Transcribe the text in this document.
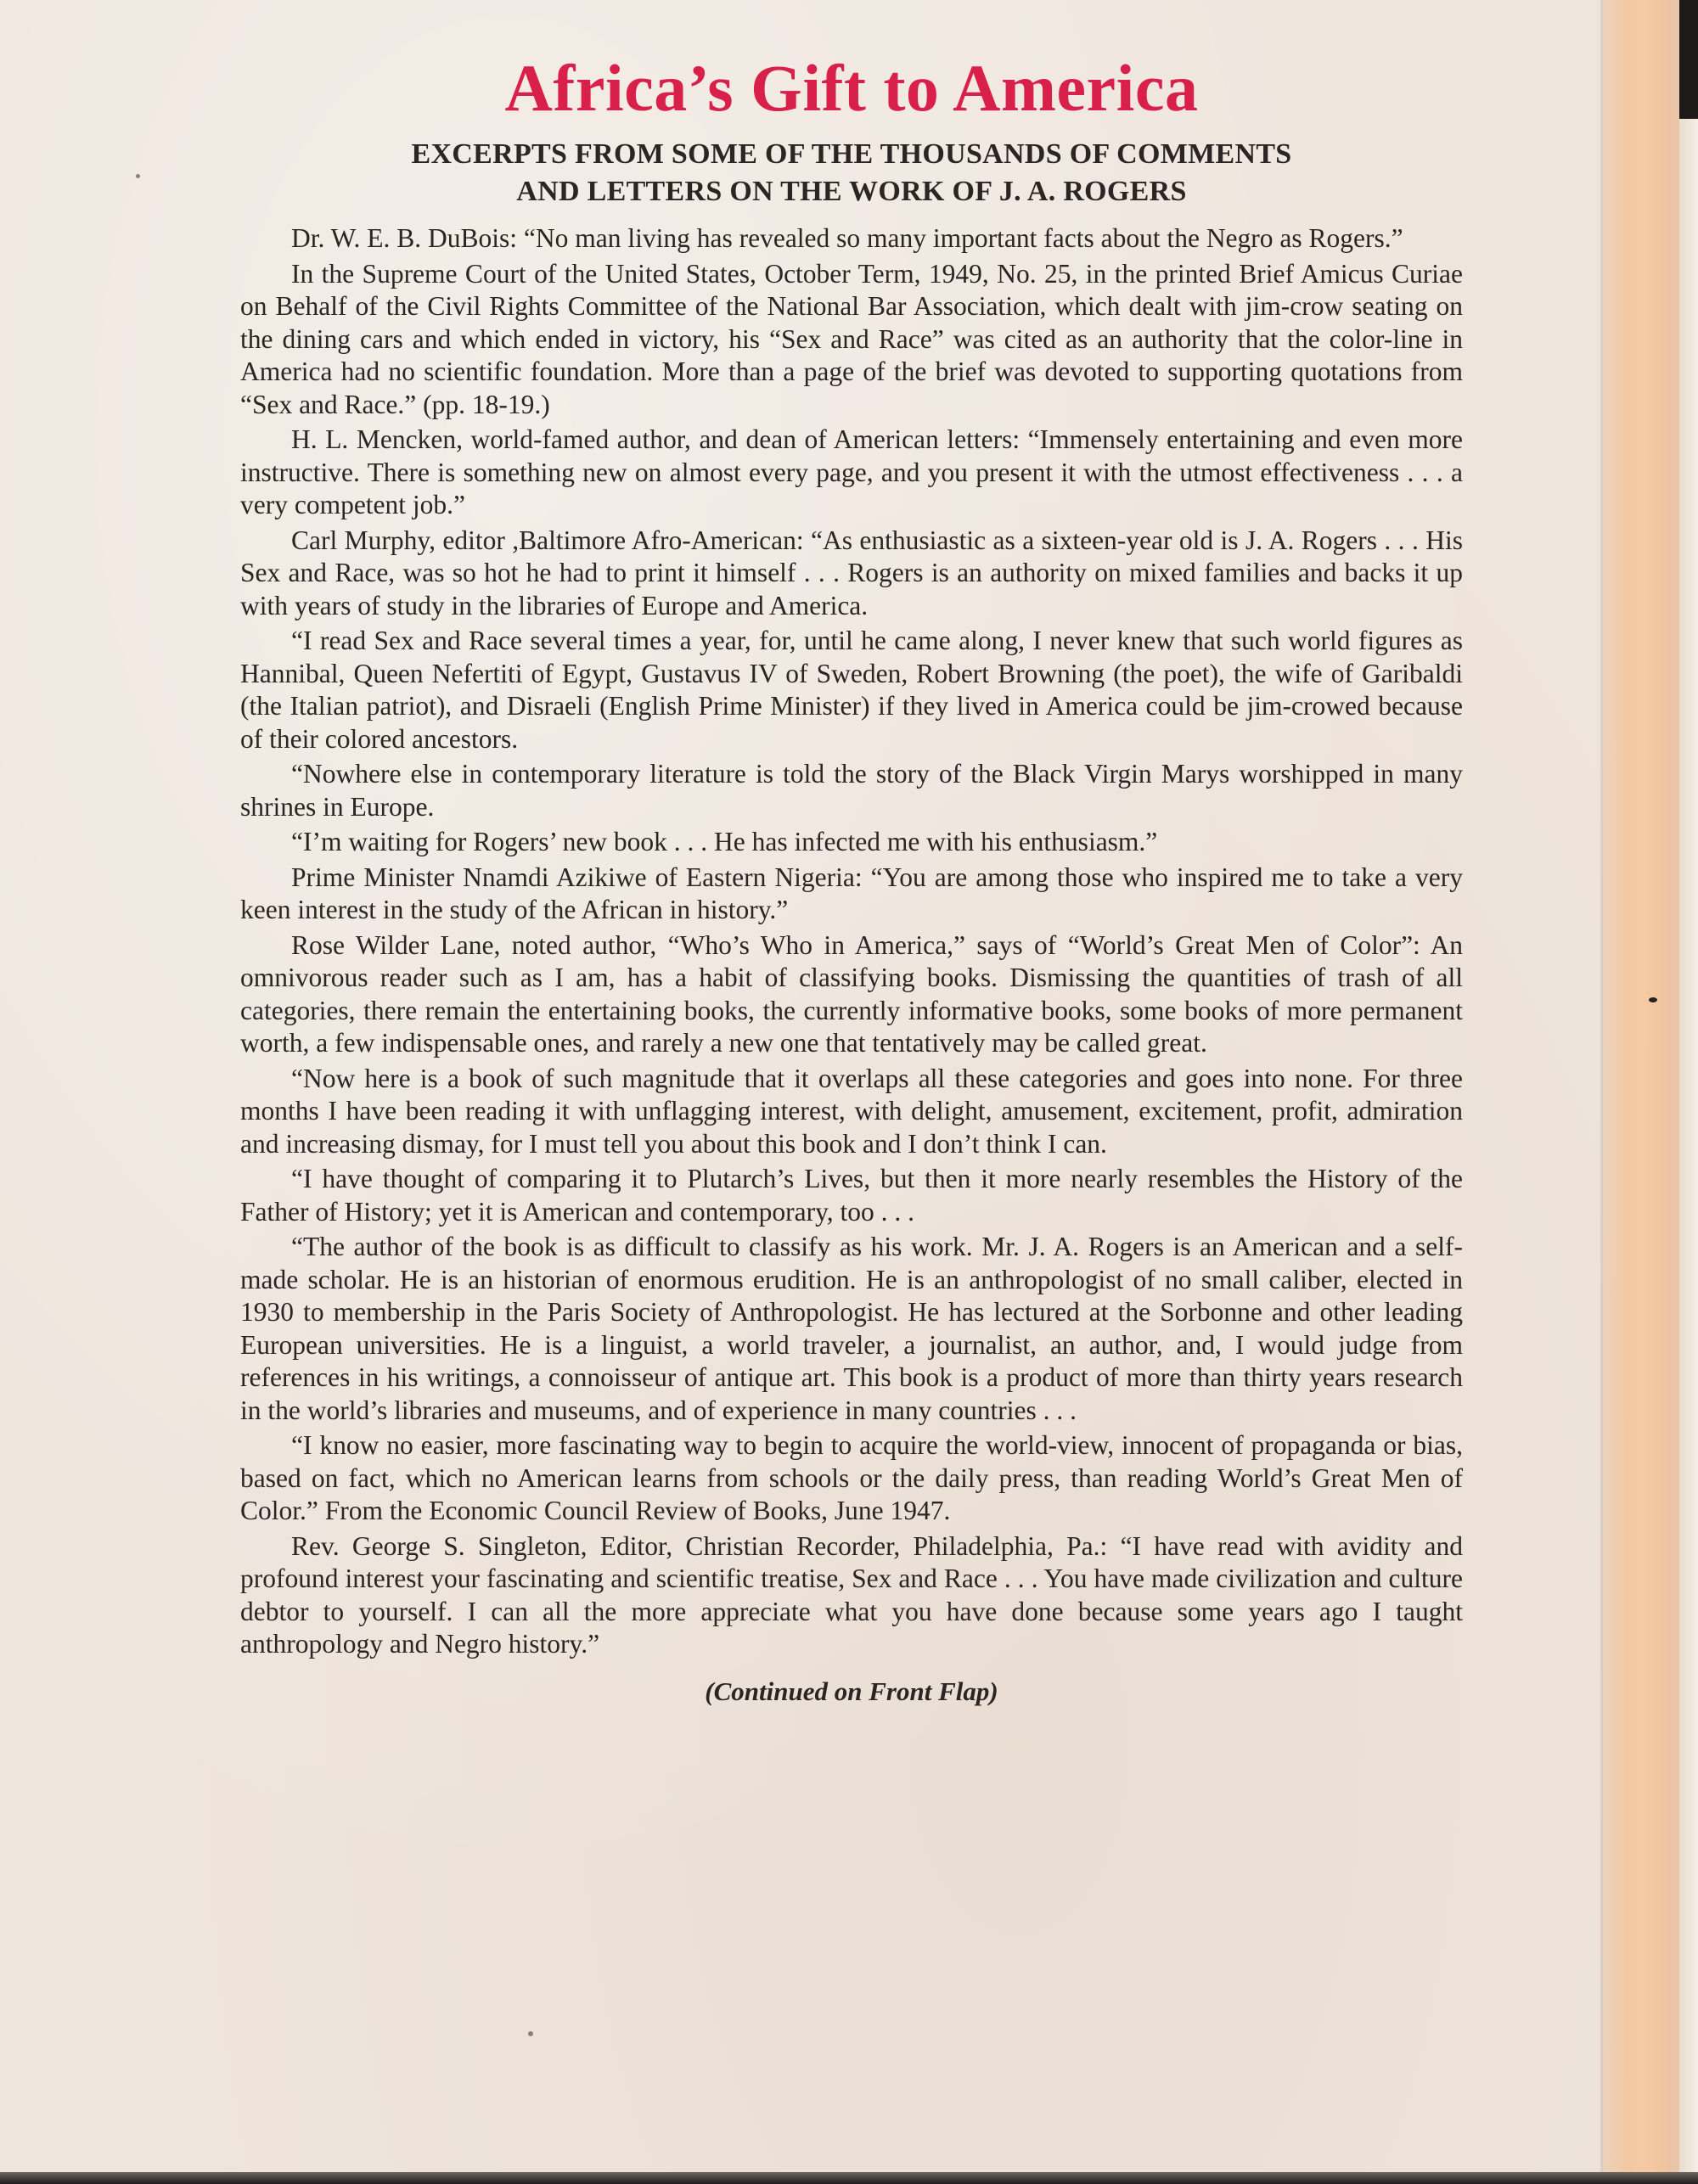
Africa’s Gift to America
EXCERPTS FROM SOME OF THE THOUSANDS OF COMMENTS
AND LETTERS ON THE WORK OF J. A. ROGERS

Dr. W. E. B. DuBois: “No man living has revealed so many important facts about the Negro as Rogers.”

In the Supreme Court of the United States, October Term, 1949, No. 25, in the printed Brief Amicus Curiae on Behalf of the Civil Rights Committee of the National Bar Association, which dealt with jim-crow seating on the dining cars and which ended in victory, his “Sex and Race” was cited as an authority that the color-line in America had no scientific foundation. More than a page of the brief was devoted to supporting quotations from “Sex and Race.” (pp. 18-19.)

H. L. Mencken, world-famed author, and dean of American letters: “Immensely entertaining and even more instructive. There is something new on almost every page, and you present it with the utmost effectiveness . . . a very competent job.”

Carl Murphy, editor ,Baltimore Afro-American: “As enthusiastic as a sixteen-year old is J. A. Rogers . . . His Sex and Race, was so hot he had to print it himself . . . Rogers is an authority on mixed families and backs it up with years of study in the libraries of Europe and America.

“I read Sex and Race several times a year, for, until he came along, I never knew that such world figures as Hannibal, Queen Nefertiti of Egypt, Gustavus IV of Sweden, Robert Browning (the poet), the wife of Garibaldi (the Italian patriot), and Disraeli (English Prime Minister) if they lived in America could be jim-crowed because of their colored ancestors.

“Nowhere else in contemporary literature is told the story of the Black Virgin Marys worshipped in many shrines in Europe.

“I’m waiting for Rogers’ new book . . . He has infected me with his enthusiasm.”

Prime Minister Nnamdi Azikiwe of Eastern Nigeria: “You are among those who inspired me to take a very keen interest in the study of the African in history.”

Rose Wilder Lane, noted author, “Who’s Who in America,” says of “World’s Great Men of Color”: An omnivorous reader such as I am, has a habit of classifying books. Dismissing the quantities of trash of all categories, there remain the entertaining books, the currently informative books, some books of more permanent worth, a few indispensable ones, and rarely a new one that tentatively may be called great.

“Now here is a book of such magnitude that it overlaps all these categories and goes into none. For three months I have been reading it with unflagging interest, with delight, amusement, excitement, profit, admiration and increasing dismay, for I must tell you about this book and I don’t think I can.

“I have thought of comparing it to Plutarch’s Lives, but then it more nearly resembles the History of the Father of History; yet it is American and contemporary, too . . .

“The author of the book is as difficult to classify as his work. Mr. J. A. Rogers is an American and a self-made scholar. He is an historian of enormous erudition. He is an anthropologist of no small caliber, elected in 1930 to membership in the Paris Society of Anthropologist. He has lectured at the Sorbonne and other leading European universities. He is a linguist, a world traveler, a journalist, an author, and, I would judge from references in his writings, a connoisseur of antique art. This book is a product of more than thirty years research in the world’s libraries and museums, and of experience in many countries . . .

“I know no easier, more fascinating way to begin to acquire the world-view, innocent of propaganda or bias, based on fact, which no American learns from schools or the daily press, than reading World’s Great Men of Color.” From the Economic Council Review of Books, June 1947.

Rev. George S. Singleton, Editor, Christian Recorder, Philadelphia, Pa.: “I have read with avidity and profound interest your fascinating and scientific treatise, Sex and Race . . . You have made civilization and culture debtor to yourself. I can all the more appreciate what you have done because some years ago I taught anthropology and Negro history.”

(Continued on Front Flap)
